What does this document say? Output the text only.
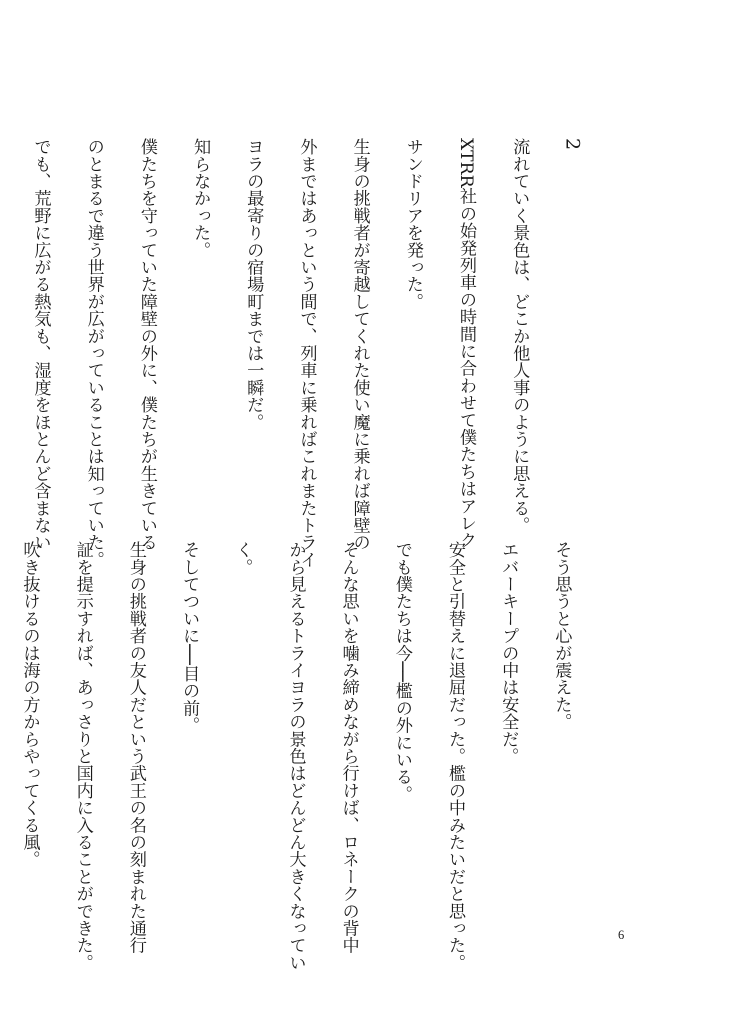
2

流れていく景色は、どこか他人事のように思える。

XTRR社の始発列車の時間に合わせて僕たちはアレク

サンドリアを発った。

生身の挑戦者が寄越してくれた使い魔に乗れば障壁の

外まではあっという間で、列車に乗ればこれまたトライ

ヨラの最寄りの宿場町までは一瞬だ。

知らなかった。

僕たちを守っていた障壁の外に、僕たちが生きている

のとまるで違う世界が広がっていることは知っていた。

でも、荒野に広がる熱気も、湿度をほとんど含まない

そう思うと心が震えた。

エバーキープの中は安全だ。

安全と引替えに退屈だった。檻の中みたいだと思った。

でも僕たちは今──檻の外にいる。

そんな思いを噛み締めながら行けば、ロネークの背中

から見えるトライヨラの景色はどんどん大きくなってい

く。

そしてついに──目の前。

生身の挑戦者の友人だという武王の名の刻まれた通行

証を提示すれば、あっさりと国内に入ることができた。

吹き抜けるのは海の方からやってくる風。

6
